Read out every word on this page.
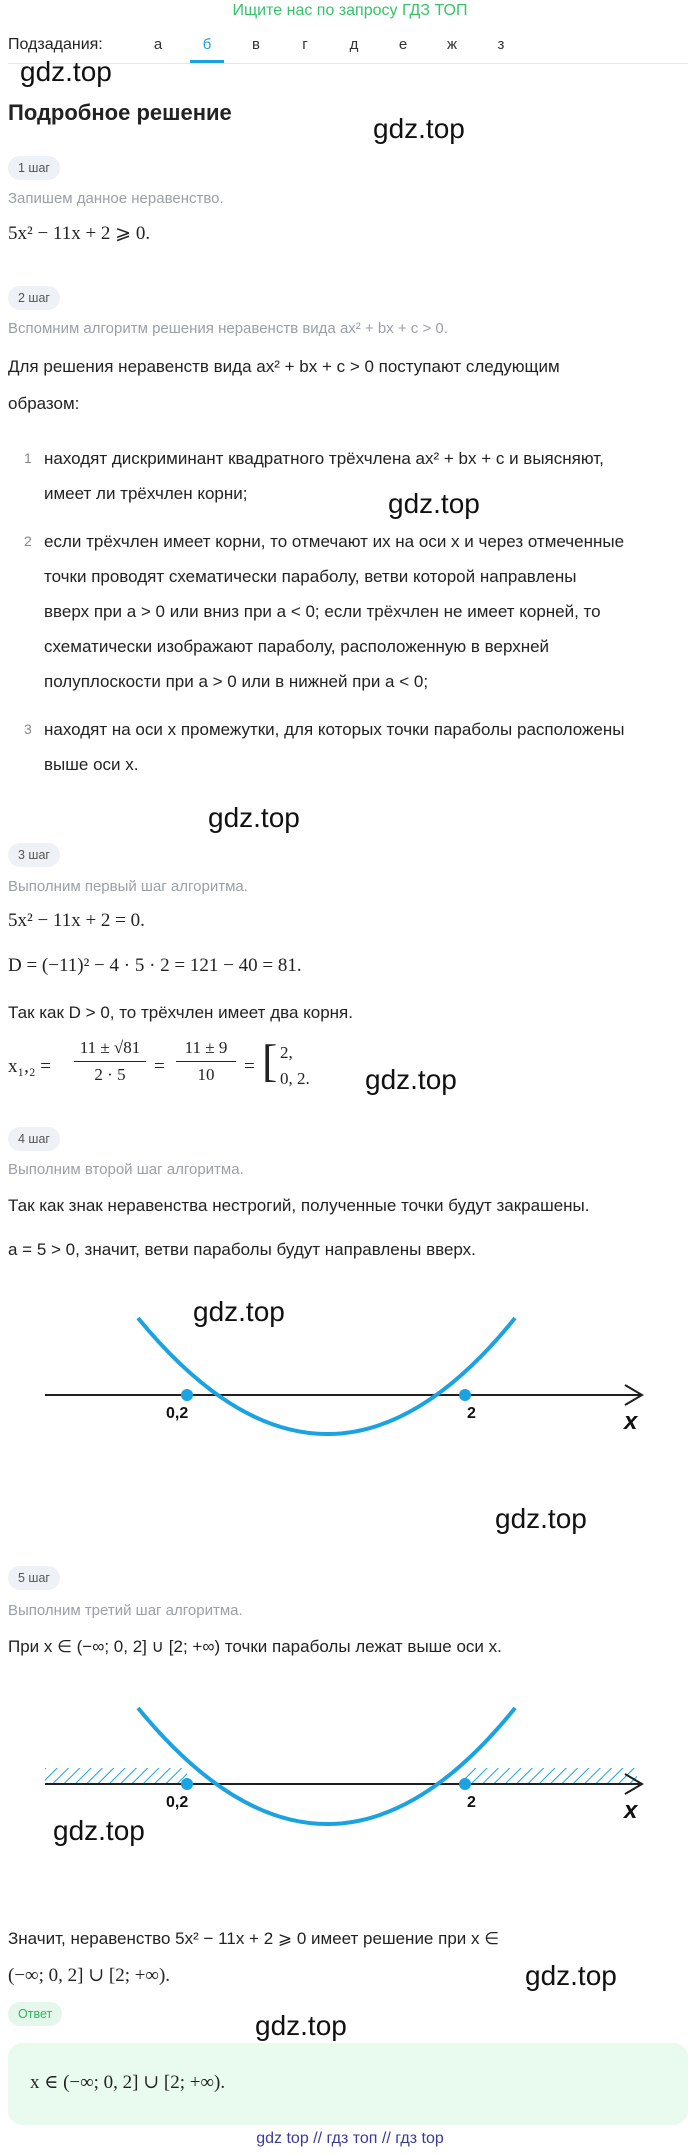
Ищите нас по запросу ГДЗ ТОП
Подзадания:	а	б	в	г	д	е	ж	з
gdz.top
gdz.top
gdz.top
gdz.top
gdz.top
gdz.top
gdz.top
gdz.top
gdz.top
gdz.top
Подробное решение
1 шаг
Запишем данное неравенство.
5x² − 11x + 2 ⩾ 0.
2 шаг
Вспомним алгоритм решения неравенств вида ax² + bx + c > 0.
Для решения неравенств вида ax² + bx + c > 0 поступают следующим
образом:
1 находят дискриминант квадратного трёхчлена ax² + bx + c и выясняют,
имеет ли трёхчлен корни;
2 если трёхчлен имеет корни, то отмечают их на оси x и через отмеченные
точки проводят схематически параболу, ветви которой направлены
вверх при a > 0 или вниз при a < 0; если трёхчлен не имеет корней, то
схематически изображают параболу, расположенную в верхней
полуплоскости при a > 0 или в нижней при a < 0;
3 находят на оси x промежутки, для которых точки параболы расположены
выше оси x.
3 шаг
Выполним первый шаг алгоритма.
5x² − 11x + 2 = 0.
D = (−11)² − 4 · 5 · 2 = 121 − 40 = 81.
Так как D > 0, то трёхчлен имеет два корня.
x₁,₂ =
11 ± √81
2 · 5	=
11 ± 9
10	= [ 2,
0, 2.
4 шаг
Выполним второй шаг алгоритма.
Так как знак неравенства нестрогий, полученные точки будут закрашены.
a = 5 > 0, значит, ветви параболы будут направлены вверх.
0,2	2	x
5 шаг
Выполним третий шаг алгоритма.
При x ∈ (−∞; 0, 2] ∪ [2; +∞) точки параболы лежат выше оси x.
0,2	2	x
Значит, неравенство 5x² − 11x + 2 ⩾ 0 имеет решение при x ∈
(−∞; 0, 2] ∪ [2; +∞).
Ответ
x ∈ (−∞; 0, 2] ∪ [2; +∞).
gdz top // гдз топ // гдз top
